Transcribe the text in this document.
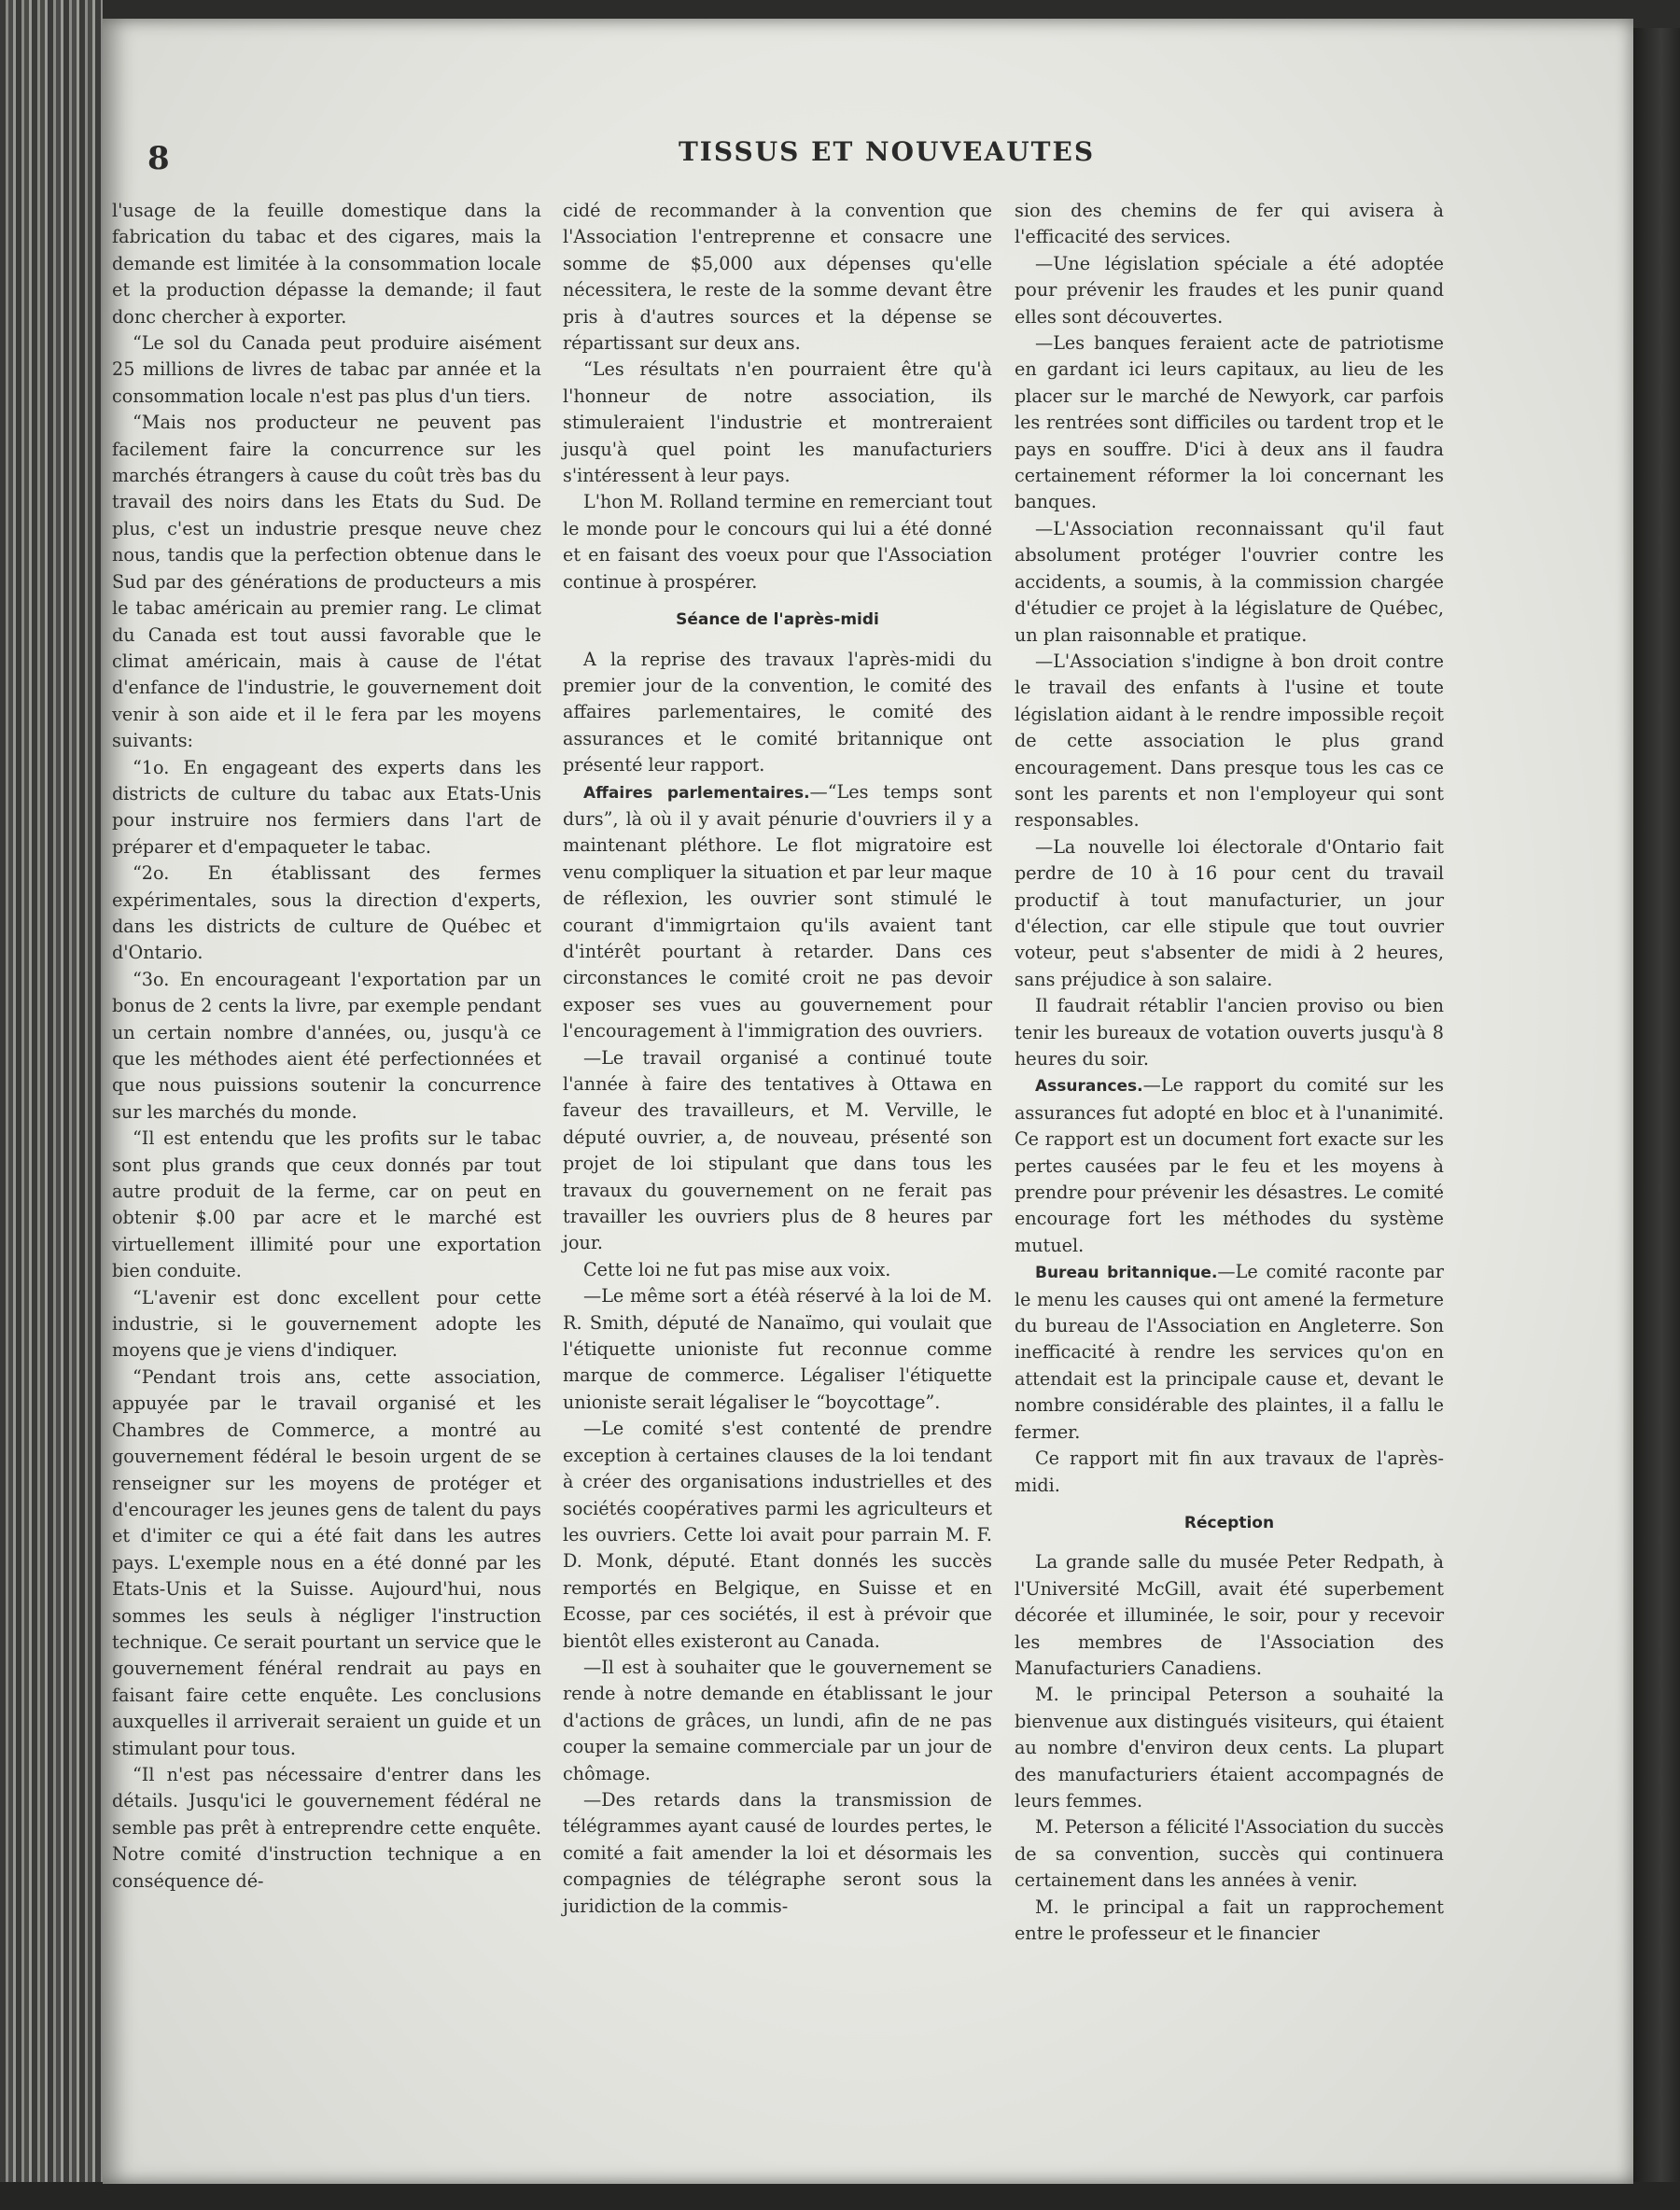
8	TISSUS ET NOUVEAUTES

l'usage de la feuille domestique dans la fabrication du tabac et des cigares, mais la demande est limitée à la consommation locale et la production dépasse la demande; il faut donc chercher à exporter.

“Le sol du Canada peut produire aisément 25 millions de livres de tabac par année et la consommation locale n'est pas plus d'un tiers.

“Mais nos producteur ne peuvent pas facilement faire la concurrence sur les marchés étrangers à cause du coût très bas du travail des noirs dans les Etats du Sud. De plus, c'est un industrie presque neuve chez nous, tandis que la perfection obtenue dans le Sud par des générations de producteurs a mis le tabac américain au premier rang. Le climat du Canada est tout aussi favorable que le climat américain, mais à cause de l'état d'enfance de l'industrie, le gouvernement doit venir à son aide et il le fera par les moyens suivants:

“1o. En engageant des experts dans les districts de culture du tabac aux Etats-Unis pour instruire nos fermiers dans l'art de préparer et d'empaqueter le tabac.

“2o. En établissant des fermes expérimentales, sous la direction d'experts, dans les districts de culture de Québec et d'Ontario.

“3o. En encourageant l'exportation par un bonus de 2 cents la livre, par exemple pendant un certain nombre d'années, ou, jusqu'à ce que les méthodes aient été perfectionnées et que nous puissions soutenir la concurrence sur les marchés du monde.

“Il est entendu que les profits sur le tabac sont plus grands que ceux donnés par tout autre produit de la ferme, car on peut en obtenir $.00 par acre et le marché est virtuellement illimité pour une exportation bien conduite.

“L'avenir est donc excellent pour cette industrie, si le gouvernement adopte les moyens que je viens d'indiquer.

“Pendant trois ans, cette association, appuyée par le travail organisé et les Chambres de Commerce, a montré au gouvernement fédéral le besoin urgent de se renseigner sur les moyens de protéger et d'encourager les jeunes gens de talent du pays et d'imiter ce qui a été fait dans les autres pays. L'exemple nous en a été donné par les Etats-Unis et la Suisse. Aujourd'hui, nous sommes les seuls à négliger l'instruction technique. Ce serait pourtant un service que le gouvernement fénéral rendrait au pays en faisant faire cette enquête. Les conclusions auxquelles il arriverait seraient un guide et un stimulant pour tous.

“Il n'est pas nécessaire d'entrer dans les détails. Jusqu'ici le gouvernement fédéral ne semble pas prêt à entreprendre cette enquête. Notre comité d'instruction technique a en conséquence dé-

cidé de recommander à la convention que l'Association l'entreprenne et consacre une somme de $5,000 aux dépenses qu'elle nécessitera, le reste de la somme devant être pris à d'autres sources et la dépense se répartissant sur deux ans.

“Les résultats n'en pourraient être qu'à l'honneur de notre association, ils stimuleraient l'industrie et montreraient jusqu'à quel point les manufacturiers s'intéressent à leur pays.

L'hon M. Rolland termine en remerciant tout le monde pour le concours qui lui a été donné et en faisant des voeux pour que l'Association continue à prospérer.

Séance de l'après-midi

A la reprise des travaux l'après-midi du premier jour de la convention, le comité des affaires parlementaires, le comité des assurances et le comité britannique ont présenté leur rapport.

Affaires parlementaires.—“Les temps sont durs”, là où il y avait pénurie d'ouvriers il y a maintenant pléthore. Le flot migratoire est venu compliquer la situation et par leur maque de réflexion, les ouvrier sont stimulé le courant d'immigrtaion qu'ils avaient tant d'intérêt pourtant à retarder. Dans ces circonstances le comité croit ne pas devoir exposer ses vues au gouvernement pour l'encouragement à l'immigration des ouvriers.

—Le travail organisé a continué toute l'année à faire des tentatives à Ottawa en faveur des travailleurs, et M. Verville, le député ouvrier, a, de nouveau, présenté son projet de loi stipulant que dans tous les travaux du gouvernement on ne ferait pas travailler les ouvriers plus de 8 heures par jour.

Cette loi ne fut pas mise aux voix.

—Le même sort a étéà réservé à la loi de M. R. Smith, député de Nanaïmo, qui voulait que l'étiquette unioniste fut reconnue comme marque de commerce. Légaliser l'étiquette unioniste serait légaliser le “boycottage”.

—Le comité s'est contenté de prendre exception à certaines clauses de la loi tendant à créer des organisations industrielles et des sociétés coopératives parmi les agriculteurs et les ouvriers. Cette loi avait pour parrain M. F. D. Monk, député. Etant donnés les succès remportés en Belgique, en Suisse et en Ecosse, par ces sociétés, il est à prévoir que bientôt elles existeront au Canada.

—Il est à souhaiter que le gouvernement se rende à notre demande en établissant le jour d'actions de grâces, un lundi, afin de ne pas couper la semaine commerciale par un jour de chômage.

—Des retards dans la transmission de télégrammes ayant causé de lourdes pertes, le comité a fait amender la loi et désormais les compagnies de télégraphe seront sous la juridiction de la commis-

sion des chemins de fer qui avisera à l'efficacité des services.

—Une législation spéciale a été adoptée pour prévenir les fraudes et les punir quand elles sont découvertes.

—Les banques feraient acte de patriotisme en gardant ici leurs capitaux, au lieu de les placer sur le marché de Newyork, car parfois les rentrées sont difficiles ou tardent trop et le pays en souffre. D'ici à deux ans il faudra certainement réformer la loi concernant les banques.

—L'Association reconnaissant qu'il faut absolument protéger l'ouvrier contre les accidents, a soumis, à la commission chargée d'étudier ce projet à la législature de Québec, un plan raisonnable et pratique.

—L'Association s'indigne à bon droit contre le travail des enfants à l'usine et toute législation aidant à le rendre impossible reçoit de cette association le plus grand encouragement. Dans presque tous les cas ce sont les parents et non l'employeur qui sont responsables.

—La nouvelle loi électorale d'Ontario fait perdre de 10 à 16 pour cent du travail productif à tout manufacturier, un jour d'élection, car elle stipule que tout ouvrier voteur, peut s'absenter de midi à 2 heures, sans préjudice à son salaire.

Il faudrait rétablir l'ancien proviso ou bien tenir les bureaux de votation ouverts jusqu'à 8 heures du soir.

Assurances.—Le rapport du comité sur les assurances fut adopté en bloc et à l'unanimité. Ce rapport est un document fort exacte sur les pertes causées par le feu et les moyens à prendre pour prévenir les désastres. Le comité encourage fort les méthodes du système mutuel.

Bureau britannique.—Le comité raconte par le menu les causes qui ont amené la fermeture du bureau de l'Association en Angleterre. Son inefficacité à rendre les services qu'on en attendait est la principale cause et, devant le nombre considérable des plaintes, il a fallu le fermer.

Ce rapport mit fin aux travaux de l'après-midi.

Réception

La grande salle du musée Peter Redpath, à l'Université McGill, avait été superbement décorée et illuminée, le soir, pour y recevoir les membres de l'Association des Manufacturiers Canadiens.

M. le principal Peterson a souhaité la bienvenue aux distingués visiteurs, qui étaient au nombre d'environ deux cents. La plupart des manufacturiers étaient accompagnés de leurs femmes.

M. Peterson a félicité l'Association du succès de sa convention, succès qui continuera certainement dans les années à venir.

M. le principal a fait un rapprochement entre le professeur et le financier
